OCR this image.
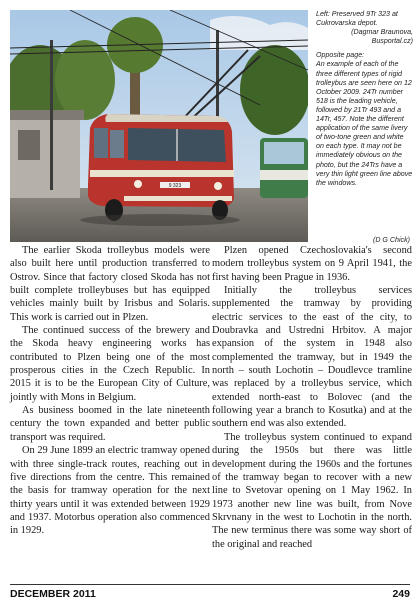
9 323

Left: Preserved 9Tr 323 at Cukrovarska depot.

(Dagmar Braunova, Busportal.cz)

Opposite page:

An example of each of the three different types of rigid trolleybus are seen here on 12 October 2009. 24Tr number 518 is the leading vehicle, followed by 21Tr 493 and a 14Tr, 457. Note the different application of the same livery of two-tone green and white on each type. It may not be immediately obvious on the photo, but the 24Trs have a very thin light green line above the windows.

(D G Chick)

The earlier Skoda trolleybus models were also built here until production transferred to Ostrov. Since that factory closed Skoda has not built complete trolleybuses but has equipped vehicles mainly built by Irisbus and Solaris. This work is carried out in Plzen.

The continued success of the brewery and the Skoda heavy engineering works has contributed to Plzen being one of the most prosperous cities in the Czech Republic. In 2015 it is to be the European City of Culture, jointly with Mons in Belgium.

As business boomed in the late nineteenth century the town expanded and better public transport was required.

On 29 June 1899 an electric tramway opened with three single-track routes, reaching out in five directions from the centre. This remained the basis for tramway operation for the next thirty years until it was extended between 1929 and 1937. Motorbus operation also commenced in 1929.

Plzen opened Czechoslovakia's second modern trolleybus system on 9 April 1941, the first having been Prague in 1936.

Initially the trolleybus services supplemented the tramway by providing electric services to the east of the city, to Doubravka and Ustredni Hrbitov. A major expansion of the system in 1948 also complemented the tramway, but in 1949 the north – south Lochotin – Doudlevce tramline was replaced by a trolleybus service, which extended north-east to Bolovec (and the following year a branch to Kosutka) and at the southern end was also extended.

The trolleybus system continued to expand during the 1950s but there was little development during the 1960s and the fortunes of the tramway began to recover with a new line to Svetovar opening on 1 May 1962. In 1973 another new line was built, from Nove Skrvnany in the west to Lochotin in the north. The new terminus there was some way short of the original and reached

DECEMBER 2011	249
